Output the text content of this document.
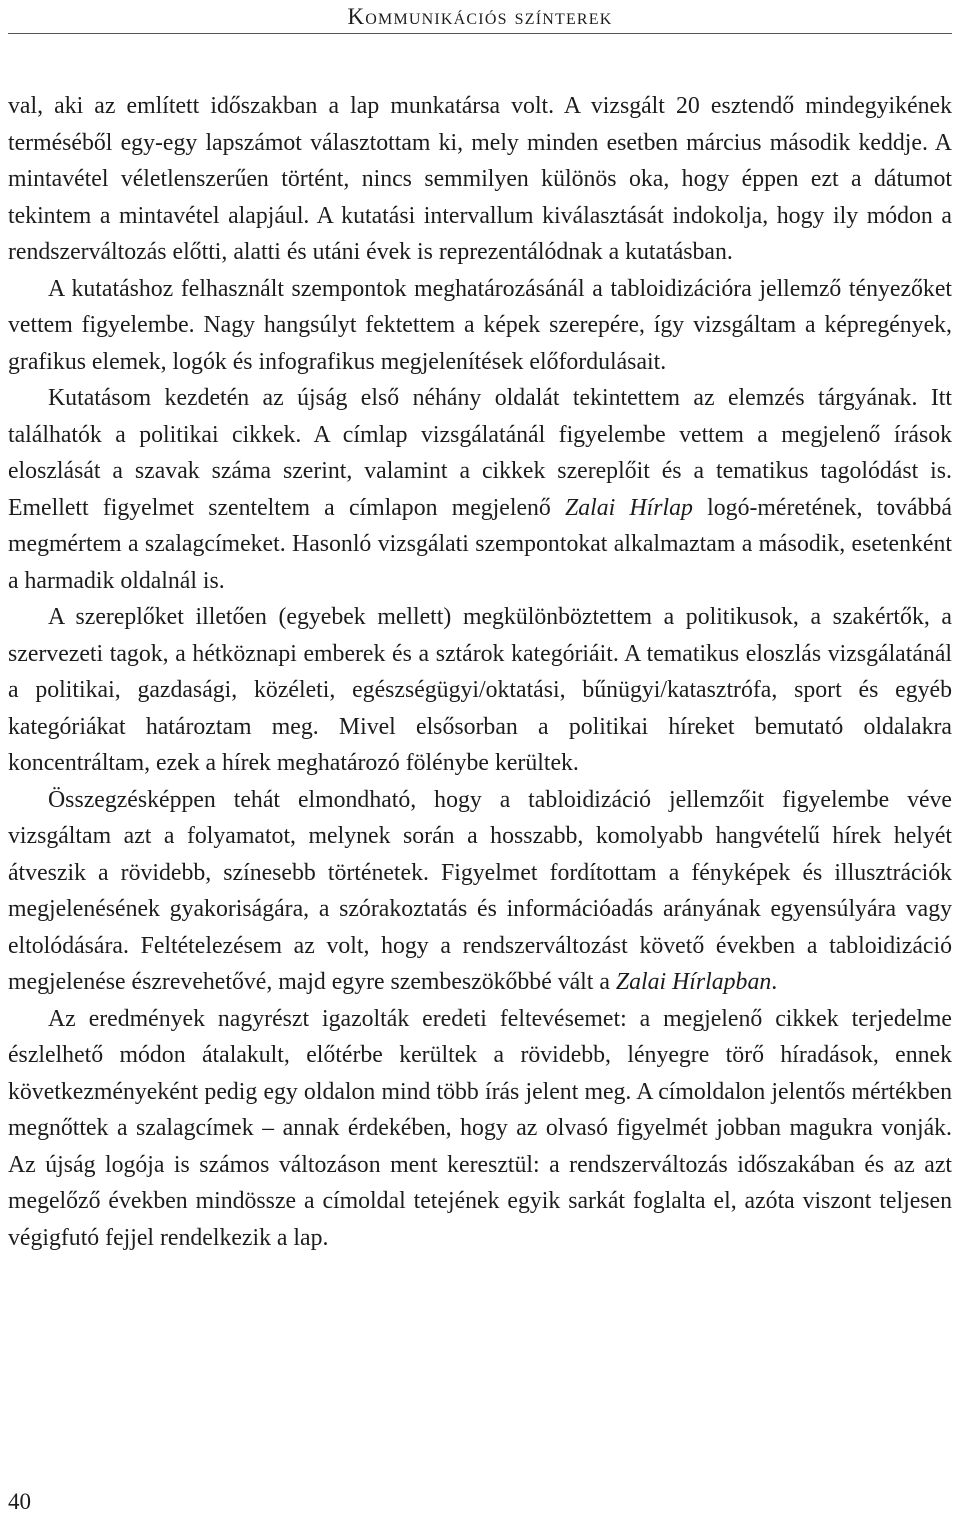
Kommunikációs színterek

val, aki az említett időszakban a lap munkatársa volt. A vizsgált 20 esztendő mindegyikének terméséből egy-egy lapszámot választottam ki, mely minden esetben március második keddje. A mintavétel véletlenszerűen történt, nincs semmilyen különös oka, hogy éppen ezt a dátumot tekintem a mintavétel alapjául. A kutatási intervallum kiválasztását indokolja, hogy ily módon a rendszerváltozás előtti, alatti és utáni évek is reprezentálódnak a kutatásban.

A kutatáshoz felhasznált szempontok meghatározásánál a tabloidizációra jellemző tényezőket vettem figyelembe. Nagy hangsúlyt fektettem a képek szerepére, így vizsgáltam a képregények, grafikus elemek, logók és infografikus megjelenítések előfordulásait.

Kutatásom kezdetén az újság első néhány oldalát tekintettem az elemzés tárgyának. Itt találhatók a politikai cikkek. A címlap vizsgálatánál figyelembe vettem a megjelenő írások eloszlását a szavak száma szerint, valamint a cikkek szereplőit és a tematikus tagolódást is. Emellett figyelmet szenteltem a címlapon megjelenő Zalai Hírlap logó-méretének, továbbá megmértem a szalagcímeket. Hasonló vizsgálati szempontokat alkalmaztam a második, esetenként a harmadik oldalnál is.

A szereplőket illetően (egyebek mellett) megkülönböztettem a politikusok, a szakértők, a szervezeti tagok, a hétköznapi emberek és a sztárok kategóriáit. A tematikus eloszlás vizsgálatánál a politikai, gazdasági, közéleti, egészségügyi/oktatási, bűnügyi/katasztrófa, sport és egyéb kategóriákat határoztam meg. Mivel elsősorban a politikai híreket bemutató oldalakra koncentráltam, ezek a hírek meghatározó fölénybe kerültek.

Összegzésképpen tehát elmondható, hogy a tabloidizáció jellemzőit figyelembe véve vizsgáltam azt a folyamatot, melynek során a hosszabb, komolyabb hangvételű hírek helyét átveszik a rövidebb, színesebb történetek. Figyelmet fordítottam a fényképek és illusztrációk megjelenésének gyakoriságára, a szórakoztatás és információadás arányának egyensúlyára vagy eltolódására. Feltételezésem az volt, hogy a rendszerváltozást követő években a tabloidizáció megjelenése észrevehetővé, majd egyre szembeszökőbbé vált a Zalai Hírlapban.

Az eredmények nagyrészt igazolták eredeti feltevésemet: a megjelenő cikkek terjedelme észlelhető módon átalakult, előtérbe kerültek a rövidebb, lényegre törő híradások, ennek következményeként pedig egy oldalon mind több írás jelent meg. A címoldalon jelentős mértékben megnőttek a szalagcímek – annak érdekében, hogy az olvasó figyelmét jobban magukra vonják. Az újság logója is számos változáson ment keresztül: a rendszerváltozás időszakában és az azt megelőző években mindössze a címoldal tetejének egyik sarkát foglalta el, azóta viszont teljesen végigfutó fejjel rendelkezik a lap.

40
